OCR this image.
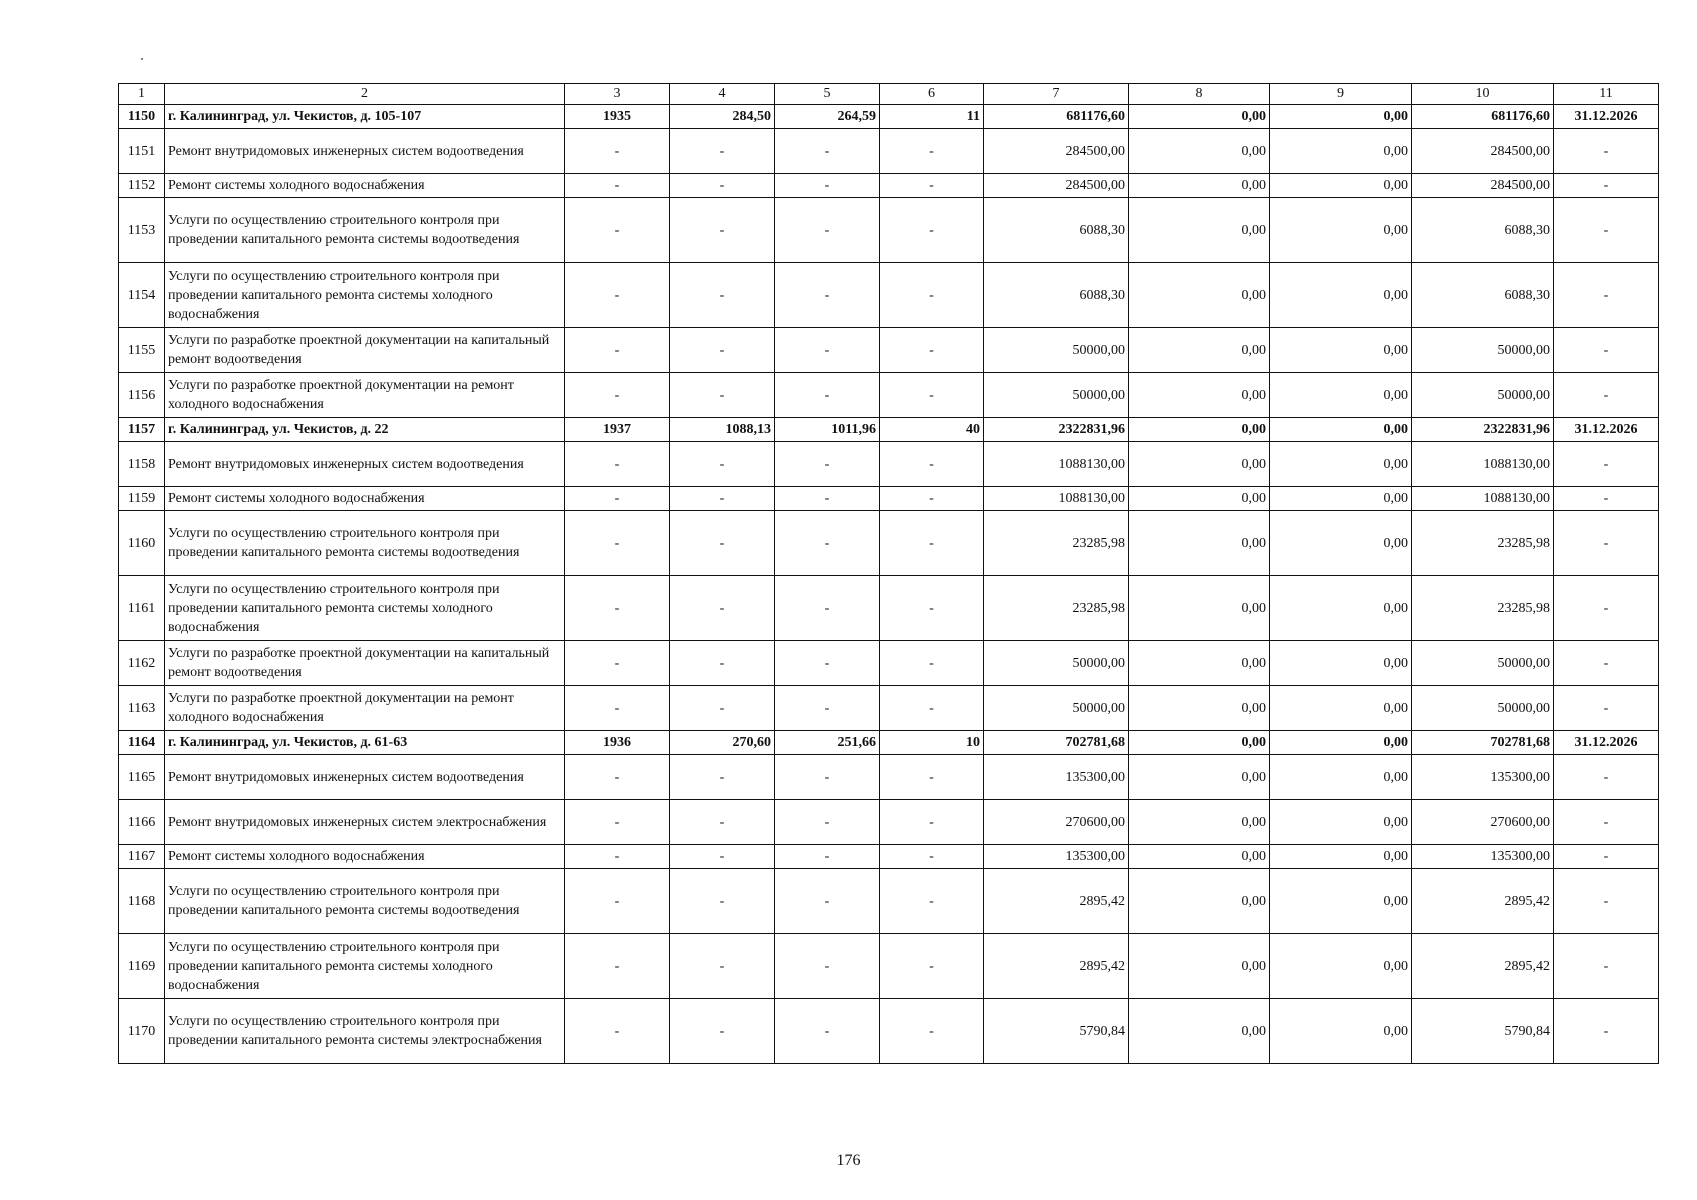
1	2	3	4	5	6	7	8	9	10	11
1150	г. Калининград, ул. Чекистов, д. 105-107	1935	284,50	264,59	11	681176,60	0,00	0,00	681176,60	31.12.2026
1151	Ремонт внутридомовых инженерных систем водоотведения	-	-	-	-	284500,00	0,00	0,00	284500,00	-
1152	Ремонт системы холодного водоснабжения	-	-	-	-	284500,00	0,00	0,00	284500,00	-
1153	Услуги по осуществлению строительного контроля при проведении капитального ремонта системы водоотведения	-	-	-	-	6088,30	0,00	0,00	6088,30	-
1154	Услуги по осуществлению строительного контроля при проведении капитального ремонта системы холодного водоснабжения	-	-	-	-	6088,30	0,00	0,00	6088,30	-
1155	Услуги по разработке проектной документации на капитальный ремонт водоотведения	-	-	-	-	50000,00	0,00	0,00	50000,00	-
1156	Услуги по разработке проектной документации на ремонт холодного водоснабжения	-	-	-	-	50000,00	0,00	0,00	50000,00	-
1157	г. Калининград, ул. Чекистов, д. 22	1937	1088,13	1011,96	40	2322831,96	0,00	0,00	2322831,96	31.12.2026
1158	Ремонт внутридомовых инженерных систем водоотведения	-	-	-	-	1088130,00	0,00	0,00	1088130,00	-
1159	Ремонт системы холодного водоснабжения	-	-	-	-	1088130,00	0,00	0,00	1088130,00	-
1160	Услуги по осуществлению строительного контроля при проведении капитального ремонта системы водоотведения	-	-	-	-	23285,98	0,00	0,00	23285,98	-
1161	Услуги по осуществлению строительного контроля при проведении капитального ремонта системы холодного водоснабжения	-	-	-	-	23285,98	0,00	0,00	23285,98	-
1162	Услуги по разработке проектной документации на капитальный ремонт водоотведения	-	-	-	-	50000,00	0,00	0,00	50000,00	-
1163	Услуги по разработке проектной документации на ремонт холодного водоснабжения	-	-	-	-	50000,00	0,00	0,00	50000,00	-
1164	г. Калининград, ул. Чекистов, д. 61-63	1936	270,60	251,66	10	702781,68	0,00	0,00	702781,68	31.12.2026
1165	Ремонт внутридомовых инженерных систем водоотведения	-	-	-	-	135300,00	0,00	0,00	135300,00	-
1166	Ремонт внутридомовых инженерных систем электроснабжения	-	-	-	-	270600,00	0,00	0,00	270600,00	-
1167	Ремонт системы холодного водоснабжения	-	-	-	-	135300,00	0,00	0,00	135300,00	-
1168	Услуги по осуществлению строительного контроля при проведении капитального ремонта системы водоотведения	-	-	-	-	2895,42	0,00	0,00	2895,42	-
1169	Услуги по осуществлению строительного контроля при проведении капитального ремонта системы холодного водоснабжения	-	-	-	-	2895,42	0,00	0,00	2895,42	-
1170	Услуги по осуществлению строительного контроля при проведении капитального ремонта системы электроснабжения	-	-	-	-	5790,84	0,00	0,00	5790,84	-
176
